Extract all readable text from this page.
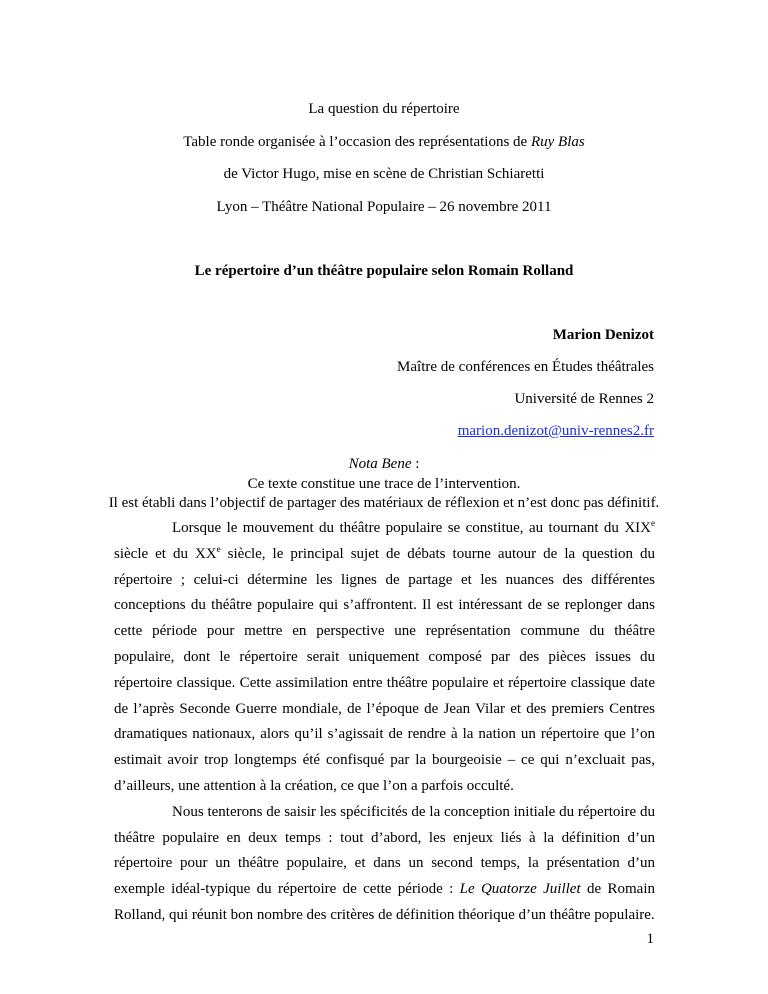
La question du répertoire
Table ronde organisée à l’occasion des représentations de Ruy Blas
de Victor Hugo, mise en scène de Christian Schiaretti
Lyon – Théâtre National Populaire – 26 novembre 2011
Le répertoire d’un théâtre populaire selon Romain Rolland
Marion Denizot
Maître de conférences en Études théâtrales
Université de Rennes 2
marion.denizot@univ-rennes2.fr
Nota Bene :
Ce texte constitue une trace de l’intervention.
Il est établi dans l’objectif de partager des matériaux de réflexion et n’est donc pas définitif.

Lorsque le mouvement du théâtre populaire se constitue, au tournant du XIXe siècle et du XXe siècle, le principal sujet de débats tourne autour de la question du répertoire ; celui-ci détermine les lignes de partage et les nuances des différentes conceptions du théâtre populaire qui s’affrontent. Il est intéressant de se replonger dans cette période pour mettre en perspective une représentation commune du théâtre populaire, dont le répertoire serait uniquement composé par des pièces issues du répertoire classique. Cette assimilation entre théâtre populaire et répertoire classique date de l’après Seconde Guerre mondiale, de l’époque de Jean Vilar et des premiers Centres dramatiques nationaux, alors qu’il s’agissait de rendre à la nation un répertoire que l’on estimait avoir trop longtemps été confisqué par la bourgeoisie – ce qui n’excluait pas, d’ailleurs, une attention à la création, ce que l’on a parfois occulté.

Nous tenterons de saisir les spécificités de la conception initiale du répertoire du théâtre populaire en deux temps : tout d’abord, les enjeux liés à la définition d’un répertoire pour un théâtre populaire, et dans un second temps, la présentation d’un exemple idéal-typique du répertoire de cette période : Le Quatorze Juillet de Romain Rolland, qui réunit bon nombre des critères de définition théorique d’un théâtre populaire.

1
